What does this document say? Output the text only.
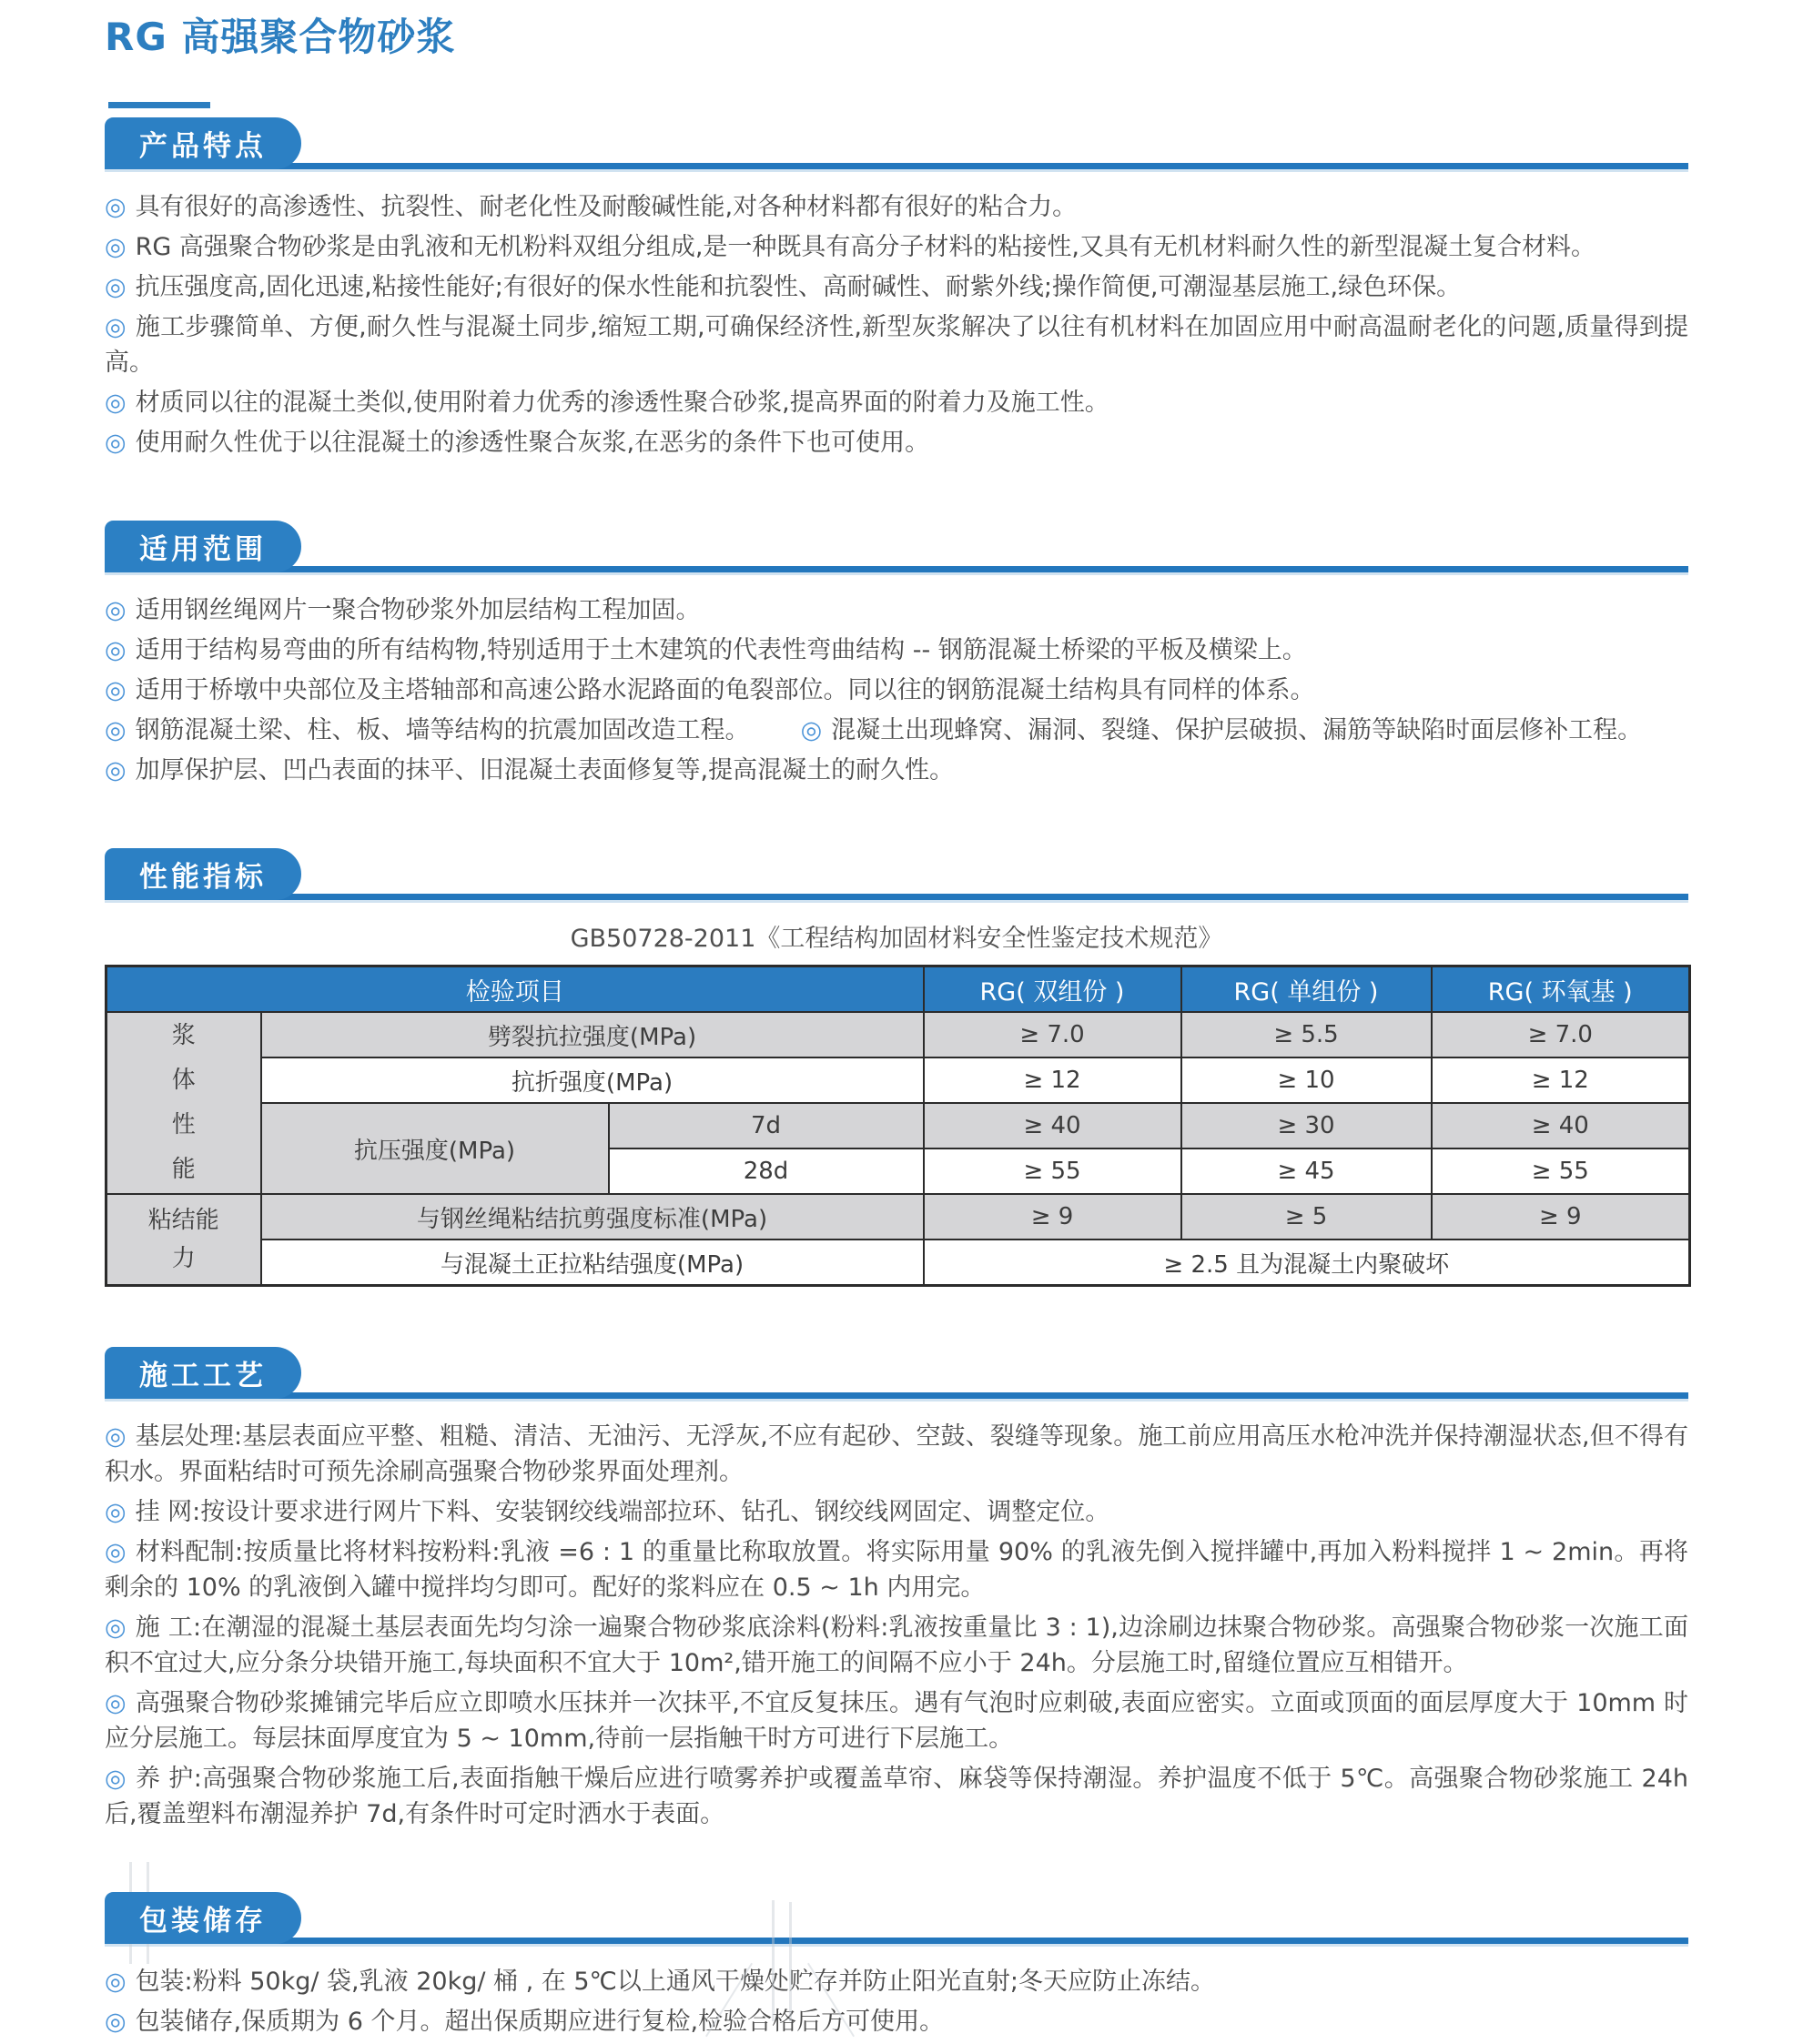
RG 高强聚合物砂浆
产品特点

◎ 具有很好的高渗透性、抗裂性、耐老化性及耐酸碱性能,对各种材料都有很好的粘合力。

◎ RG 高强聚合物砂浆是由乳液和无机粉料双组分组成,是一种既具有高分子材料的粘接性,又具有无机材料耐久性的新型混凝土复合材料。

◎ 抗压强度高,固化迅速,粘接性能好;有很好的保水性能和抗裂性、高耐碱性、耐紫外线;操作简便,可潮湿基层施工,绿色环保。

◎ 施工步骤简单、方便,耐久性与混凝土同步,缩短工期,可确保经济性,新型灰浆解决了以往有机材料在加固应用中耐高温耐老化的问题,质量得到提高。

◎ 材质同以往的混凝土类似,使用附着力优秀的渗透性聚合砂浆,提高界面的附着力及施工性。

◎ 使用耐久性优于以往混凝土的渗透性聚合灰浆,在恶劣的条件下也可使用。

适用范围

◎ 适用钢丝绳网片一聚合物砂浆外加层结构工程加固。

◎ 适用于结构易弯曲的所有结构物,特别适用于土木建筑的代表性弯曲结构 -- 钢筋混凝土桥梁的平板及横梁上。

◎ 适用于桥墩中央部位及主塔轴部和高速公路水泥路面的龟裂部位。同以往的钢筋混凝土结构具有同样的体系。

◎ 钢筋混凝土梁、柱、板、墙等结构的抗震加固改造工程。 ◎ 混凝土出现蜂窝、漏洞、裂缝、保护层破损、漏筋等缺陷时面层修补工程。

◎ 加厚保护层、凹凸表面的抹平、旧混凝土表面修复等,提高混凝土的耐久性。

性能指标
GB50728-2011《工程结构加固材料安全性鉴定技术规范》
检验项目			RG( 双组份 )	RG( 单组份 )	RG( 环氧基 )
浆体性能	劈裂抗拉强度(MPa)		≥ 7.0	≥ 5.5	≥ 7.0
	抗折强度(MPa)		≥ 12	≥ 10	≥ 12
	抗压强度(MPa)	7d	≥ 40	≥ 30	≥ 40
		28d	≥ 55	≥ 45	≥ 55
粘结能力	与钢丝绳粘结抗剪强度标准(MPa)		≥ 9	≥ 5	≥ 9
	与混凝土正拉粘结强度(MPa)		≥ 2.5 且为混凝土内聚破坏		
施工工艺

◎ 基层处理:基层表面应平整、粗糙、清洁、无油污、无浮灰,不应有起砂、空鼓、裂缝等现象。施工前应用高压水枪冲洗并保持潮湿状态,但不得有积水。界面粘结时可预先涂刷高强聚合物砂浆界面处理剂。

◎ 挂 网:按设计要求进行网片下料、安装钢绞线端部拉环、钻孔、钢绞线网固定、调整定位。

◎ 材料配制:按质量比将材料按粉料:乳液 =6 : 1 的重量比称取放置。将实际用量 90% 的乳液先倒入搅拌罐中,再加入粉料搅拌 1 ~ 2min。再将剩余的 10% 的乳液倒入罐中搅拌均匀即可。配好的浆料应在 0.5 ~ 1h 内用完。

◎ 施 工:在潮湿的混凝土基层表面先均匀涂一遍聚合物砂浆底涂料(粉料:乳液按重量比 3 : 1),边涂刷边抹聚合物砂浆。高强聚合物砂浆一次施工面积不宜过大,应分条分块错开施工,每块面积不宜大于 10m²,错开施工的间隔不应小于 24h。分层施工时,留缝位置应互相错开。

◎ 高强聚合物砂浆摊铺完毕后应立即喷水压抹并一次抹平,不宜反复抹压。遇有气泡时应刺破,表面应密实。立面或顶面的面层厚度大于 10mm 时应分层施工。每层抹面厚度宜为 5 ~ 10mm,待前一层指触干时方可进行下层施工。

◎ 养 护:高强聚合物砂浆施工后,表面指触干燥后应进行喷雾养护或覆盖草帘、麻袋等保持潮湿。养护温度不低于 5℃。高强聚合物砂浆施工 24h 后,覆盖塑料布潮湿养护 7d,有条件时可定时洒水于表面。

包装储存

◎ 包装:粉料 50kg/ 袋,乳液 20kg/ 桶 , 在 5℃以上通风干燥处贮存并防止阳光直射;冬天应防止冻结。

◎ 包装储存,保质期为 6 个月。超出保质期应进行复检,检验合格后方可使用。
